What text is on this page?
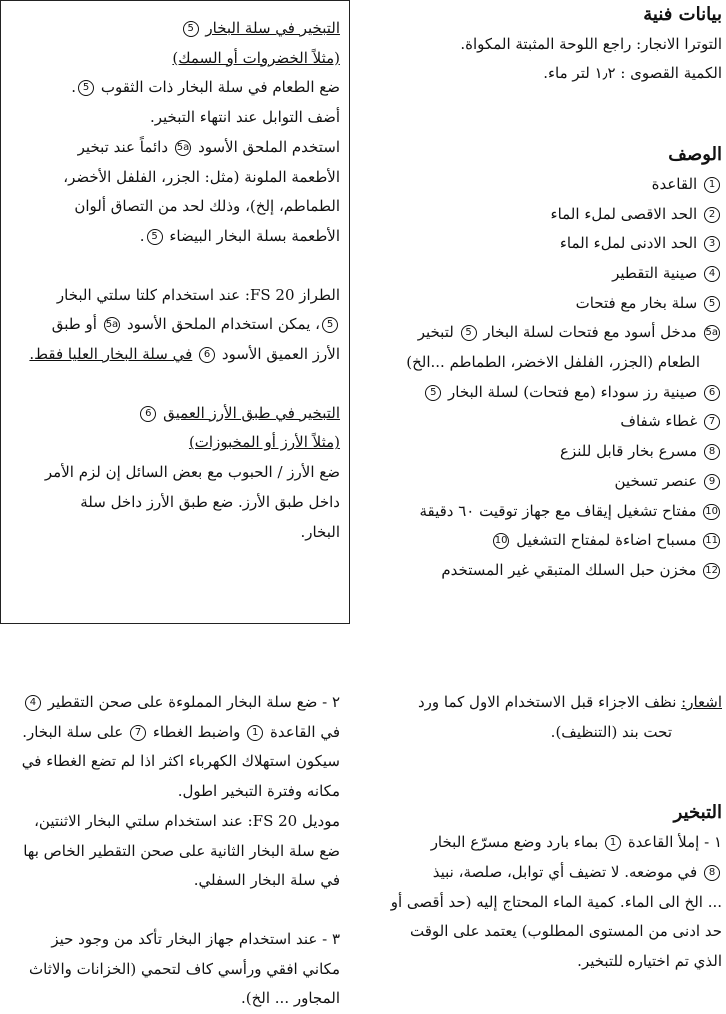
بيانات فنية
التوترا الانجار: راجع اللوحة المثبتة المكواة.
الكمية القصوى : ١٫٢ لتر ماء.
الوصف
1 القاعدة
2 الحد الاقصى لملء الماء
3 الحد الادنى لملء الماء
4 صينية التقطير
5 سلة بخار مع فتحات
5a مدخل أسود مع فتحات لسلة البخار 5 لتبخير
الطعام (الجزر، الفلفل الاخضر، الطماطم ...الخ)
6 صينية رز سوداء (مع فتحات) لسلة البخار 5
7 غطاء شفاف
8 مسرع بخار قابل للنزع
9 عنصر تسخين
10 مفتاح تشغيل إيقاف مع جهاز توقيت ٦٠ دقيقة
11 مسباح اضاءة لمفتاح التشغيل 10
12 مخزن حبل السلك المتبقي غير المستخدم
التبخير في سلة البخار 5
(مثلاً الخضروات أو السمك)
ضع الطعام في سلة البخار ذات الثقوب 5.
أضف التوابل عند انتهاء التبخير.
استخدم الملحق الأسود 5a دائماً عند تبخير
الأطعمة الملونة (مثل: الجزر، الفلفل الأخضر،
الطماطم، إلخ)، وذلك لحد من التصاق ألوان
الأطعمة بسلة البخار البيضاء 5.
الطراز FS 20: عند استخدام كلتا سلتي البخار
5، يمكن استخدام الملحق الأسود 5a أو طبق
الأرز العميق الأسود 6 في سلة البخار العليا فقط.
التبخير في طبق الأرز العميق 6
(مثلاً الأرز أو المخبوزات)
ضع الأرز / الحبوب مع بعض السائل إن لزم الأمر
داخل طبق الأرز. ضع طبق الأرز داخل سلة
البخار.
اشعار: نظف الاجزاء قبل الاستخدام الاول كما ورد
تحت بند (التنظيف).
التبخير
١ - إملأ القاعدة 1 بماء بارد وضع مسرّع البخار
8 في موضعه. لا تضيف أي توابل، صلصة، نبيذ
... الخ الى الماء. كمية الماء المحتاج إليه (حد أقصى أو
حد ادنى من المستوى المطلوب) يعتمد على الوقت
الذي تم اختياره للتبخير.
٢ - ضع سلة البخار المملوءة على صحن التقطير 4
في القاعدة 1 واضبط الغطاء 7 على سلة البخار.
سيكون استهلاك الكهرباء اكثر اذا لم تضع الغطاء في
مكانه وفترة التبخير اطول.
موديل FS 20: عند استخدام سلتي البخار الاثنتين،
ضع سلة البخار الثانية على صحن التقطير الخاص بها
في سلة البخار السفلي.
٣ - عند استخدام جهاز البخار تأكد من وجود حيز
مكاني افقي ورأسي كاف لتحمي (الخزانات والاثاث
المجاور ... الخ).
